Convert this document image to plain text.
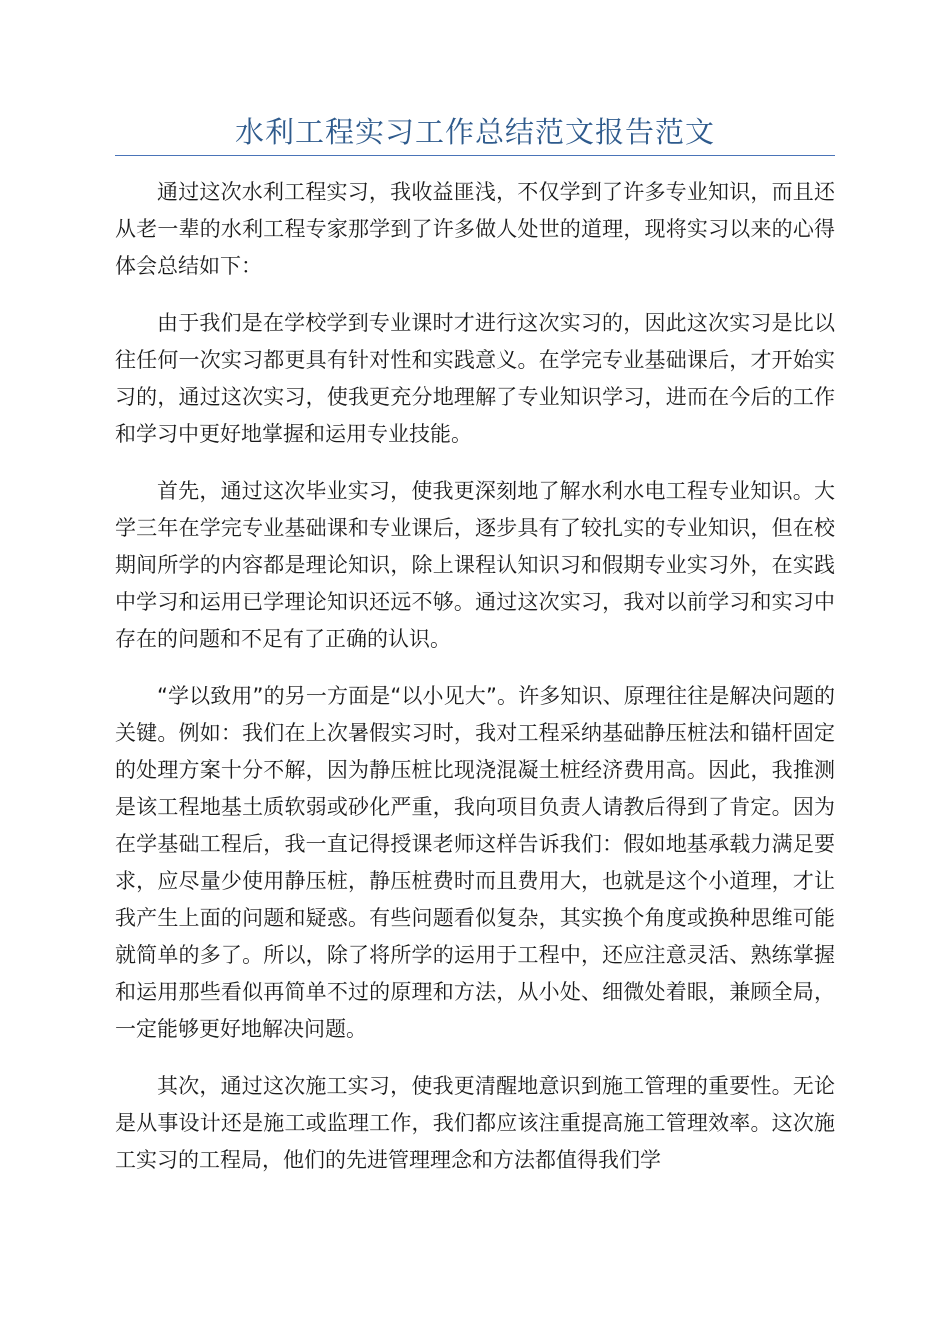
水利工程实习工作总结范文报告范文

通过这次水利工程实习，我收益匪浅，不仅学到了许多专业知识，而且还从老一辈的水利工程专家那学到了许多做人处世的道理，现将实习以来的心得体会总结如下：

由于我们是在学校学到专业课时才进行这次实习的，因此这次实习是比以往任何一次实习都更具有针对性和实践意义。在学完专业基础课后，才开始实习的，通过这次实习，使我更充分地理解了专业知识学习，进而在今后的工作和学习中更好地掌握和运用专业技能。

首先，通过这次毕业实习，使我更深刻地了解水利水电工程专业知识。大学三年在学完专业基础课和专业课后，逐步具有了较扎实的专业知识，但在校期间所学的内容都是理论知识，除上课程认知识习和假期专业实习外，在实践中学习和运用已学理论知识还远不够。通过这次实习，我对以前学习和实习中存在的问题和不足有了正确的认识。

“学以致用”的另一方面是“以小见大”。许多知识、原理往往是解决问题的关键。例如：我们在上次暑假实习时，我对工程采纳基础静压桩法和锚杆固定的处理方案十分不解，因为静压桩比现浇混凝土桩经济费用高。因此，我推测是该工程地基土质软弱或砂化严重，我向项目负责人请教后得到了肯定。因为在学基础工程后，我一直记得授课老师这样告诉我们：假如地基承载力满足要求，应尽量少使用静压桩，静压桩费时而且费用大，也就是这个小道理，才让我产生上面的问题和疑惑。有些问题看似复杂，其实换个角度或换种思维可能就简单的多了。所以，除了将所学的运用于工程中，还应注意灵活、熟练掌握和运用那些看似再简单不过的原理和方法，从小处、细微处着眼，兼顾全局，一定能够更好地解决问题。

其次，通过这次施工实习，使我更清醒地意识到施工管理的重要性。无论是从事设计还是施工或监理工作，我们都应该注重提高施工管理效率。这次施工实习的工程局，他们的先进管理理念和方法都值得我们学
